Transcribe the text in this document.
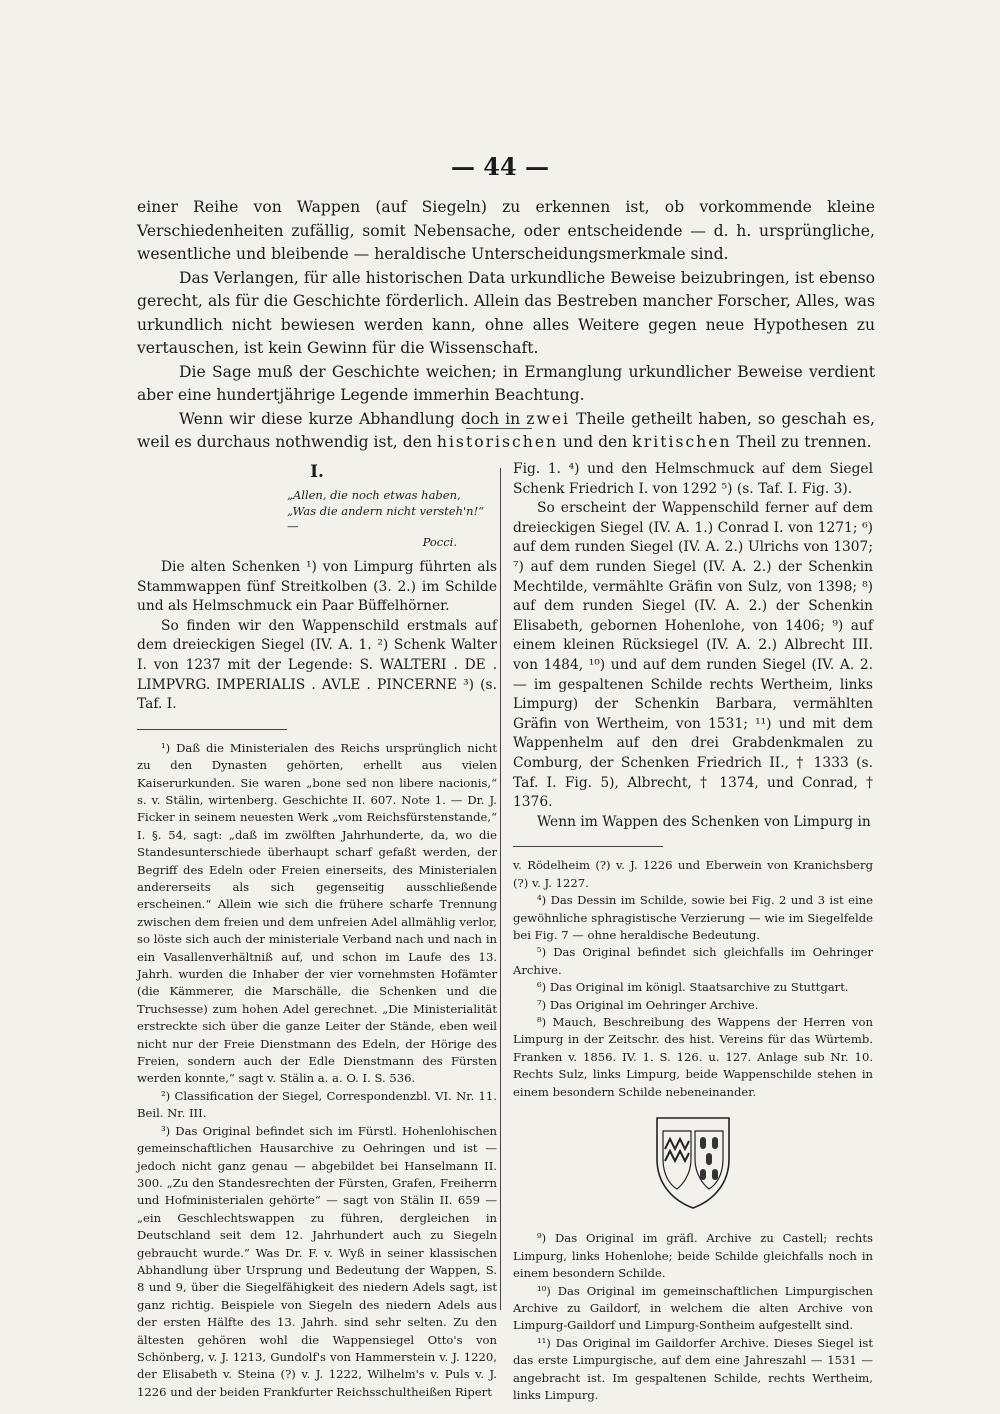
— 44 —

einer Reihe von Wappen (auf Siegeln) zu erkennen ist, ob vorkommende kleine Verschiedenheiten zufällig, somit Nebensache, oder entscheidende — d. h. ursprüngliche, wesentliche und bleibende — heraldische Unterscheidungsmerkmale sind.

Das Verlangen, für alle historischen Data urkundliche Beweise beizubringen, ist ebenso gerecht, als für die Geschichte förderlich. Allein das Bestreben mancher Forscher, Alles, was urkundlich nicht bewiesen werden kann, ohne alles Weitere gegen neue Hypothesen zu vertauschen, ist kein Gewinn für die Wissenschaft.

Die Sage muß der Geschichte weichen; in Ermanglung urkundlicher Beweise verdient aber eine hundertjährige Legende immerhin Beachtung.

Wenn wir diese kurze Abhandlung doch in zwei Theile getheilt haben, so geschah es, weil es durchaus nothwendig ist, den historischen und den kritischen Theil zu trennen.

I.
„Allen, die noch etwas haben,
„Was die andern nicht versteh'n!“ —
Pocci.

Die alten Schenken ¹) von Limpurg führten als Stammwappen fünf Streitkolben (3. 2.) im Schilde und als Helmschmuck ein Paar Büffelhörner.

So finden wir den Wappenschild erstmals auf dem dreieckigen Siegel (IV. A. 1. ²) Schenk Walter I. von 1237 mit der Legende: S. WALTERI . DE . LIMPVRG. IMPERIALIS . AVLE . PINCERNE ³) (s. Taf. I.

¹) Daß die Ministerialen des Reichs ursprünglich nicht zu den Dynasten gehörten, erhellt aus vielen Kaiserurkunden. Sie waren „bone sed non libere nacionis,“ s. v. Stälin, wirtenberg. Geschichte II. 607. Note 1. — Dr. J. Ficker in seinem neuesten Werk „vom Reichsfürstenstande,“ I. §. 54, sagt: „daß im zwölften Jahrhunderte, da, wo die Standesunterschiede überhaupt scharf gefaßt werden, der Begriff des Edeln oder Freien einerseits, des Ministerialen andererseits als sich gegenseitig ausschließende erscheinen.“ Allein wie sich die frühere scharfe Trennung zwischen dem freien und dem unfreien Adel allmählig verlor, so löste sich auch der ministeriale Verband nach und nach in ein Vasallenverhältniß auf, und schon im Laufe des 13. Jahrh. wurden die Inhaber der vier vornehmsten Hofämter (die Kämmerer, die Marschälle, die Schenken und die Truchsesse) zum hohen Adel gerechnet. „Die Ministerialität erstreckte sich über die ganze Leiter der Stände, eben weil nicht nur der Freie Dienstmann des Edeln, der Hörige des Freien, sondern auch der Edle Dienstmann des Fürsten werden konnte,“ sagt v. Stälin a. a. O. I. S. 536.

²) Classification der Siegel, Correspondenzbl. VI. Nr. 11. Beil. Nr. III.

³) Das Original befindet sich im Fürstl. Hohenlohischen gemeinschaftlichen Hausarchive zu Oehringen und ist — jedoch nicht ganz genau — abgebildet bei Hanselmann II. 300. „Zu den Standesrechten der Fürsten, Grafen, Freiherrn und Hofministerialen gehörte“ — sagt von Stälin II. 659 — „ein Geschlechtswappen zu führen, dergleichen in Deutschland seit dem 12. Jahrhundert auch zu Siegeln gebraucht wurde.“ Was Dr. F. v. Wyß in seiner klassischen Abhandlung über Ursprung und Bedeutung der Wappen, S. 8 und 9, über die Siegelfähigkeit des niedern Adels sagt, ist ganz richtig. Beispiele von Siegeln des niedern Adels aus der ersten Hälfte des 13. Jahrh. sind sehr selten. Zu den ältesten gehören wohl die Wappensiegel Otto's von Schönberg, v. J. 1213, Gundolf's von Hammerstein v. J. 1220, der Elisabeth v. Steina (?) v. J. 1222, Wilhelm's v. Puls v. J. 1226 und der beiden Frankfurter Reichsschultheißen Ripert

Fig. 1. ⁴) und den Helmschmuck auf dem Siegel Schenk Friedrich I. von 1292 ⁵) (s. Taf. I. Fig. 3).

So erscheint der Wappenschild ferner auf dem dreieckigen Siegel (IV. A. 1.) Conrad I. von 1271; ⁶) auf dem runden Siegel (IV. A. 2.) Ulrichs von 1307; ⁷) auf dem runden Siegel (IV. A. 2.) der Schenkin Mechtilde, vermählte Gräfin von Sulz, von 1398; ⁸) auf dem runden Siegel (IV. A. 2.) der Schenkin Elisabeth, gebornen Hohenlohe, von 1406; ⁹) auf einem kleinen Rücksiegel (IV. A. 2.) Albrecht III. von 1484, ¹⁰) und auf dem runden Siegel (IV. A. 2. — im gespaltenen Schilde rechts Wertheim, links Limpurg) der Schenkin Barbara, vermählten Gräfin von Wertheim, von 1531; ¹¹) und mit dem Wappenhelm auf den drei Grabdenkmalen zu Comburg, der Schenken Friedrich II., † 1333 (s. Taf. I. Fig. 5), Albrecht, † 1374, und Conrad, † 1376.

Wenn im Wappen des Schenken von Limpurg in

v. Rödelheim (?) v. J. 1226 und Eberwein von Kranichsberg (?) v. J. 1227.

⁴) Das Dessin im Schilde, sowie bei Fig. 2 und 3 ist eine gewöhnliche sphragistische Verzierung — wie im Siegelfelde bei Fig. 7 — ohne heraldische Bedeutung.

⁵) Das Original befindet sich gleichfalls im Oehringer Archive.

⁶) Das Original im königl. Staatsarchive zu Stuttgart.

⁷) Das Original im Oehringer Archive.

⁸) Mauch, Beschreibung des Wappens der Herren von Limpurg in der Zeitschr. des hist. Vereins für das Würtemb. Franken v. 1856. IV. 1. S. 126. u. 127. Anlage sub Nr. 10. Rechts Sulz, links Limpurg, beide Wappenschilde stehen in einem besondern Schilde nebeneinander.

⁹) Das Original im gräfl. Archive zu Castell; rechts Limpurg, links Hohenlohe; beide Schilde gleichfalls noch in einem besondern Schilde.

¹⁰) Das Original im gemeinschaftlichen Limpurgischen Archive zu Gaildorf, in welchem die alten Archive von Limpurg-Gaildorf und Limpurg-Sontheim aufgestellt sind.

¹¹) Das Original im Gaildorfer Archive. Dieses Siegel ist das erste Limpurgische, auf dem eine Jahreszahl — 1531 — angebracht ist. Im gespaltenen Schilde, rechts Wertheim, links Limpurg.
